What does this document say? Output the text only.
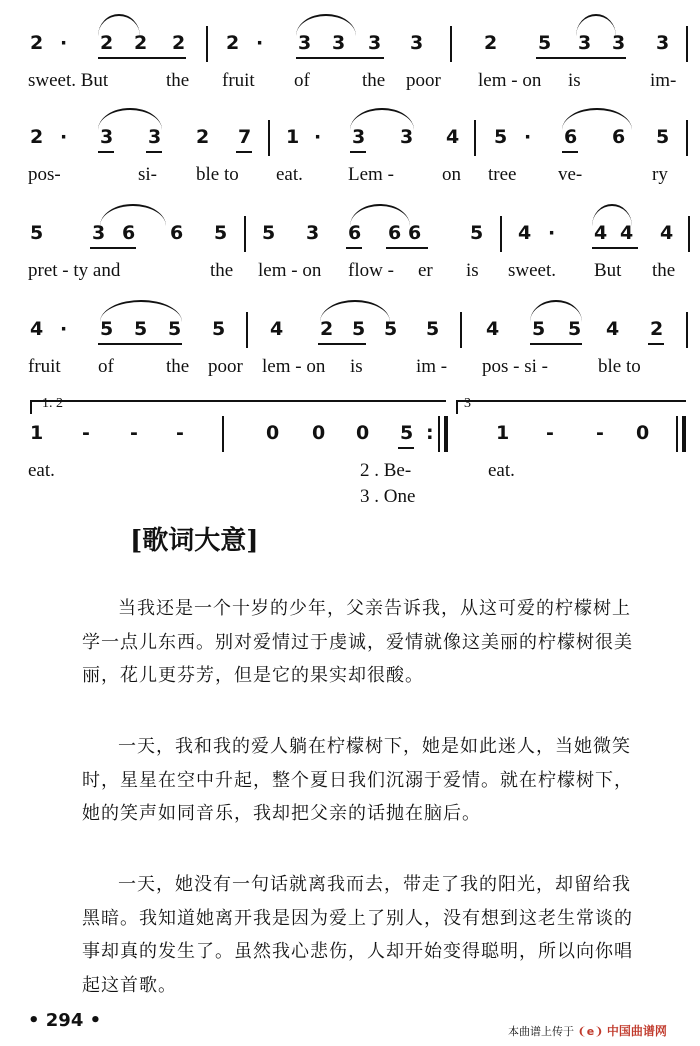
2 · 2 2 2 2 · 3 3 3 3	2 5 3 3 3
sweet. But	the fruit of	the poor lem - on is	im-
2 · 3 3 2 7 1 · 3 3 4 5 · 6 6 5
pos-	si- ble to eat. Lem -	on tree ve-	ry
5	3 6 6 5 5 3 6 6 6	5 4 · 4 4 4
pret - ty and	the lem - on flow - er is sweet. But the
4 · 5 5 5 5 4 2 5 5 5 4 5 5 4 2
fruit of	the poor lem - on is	im - pos - si -	ble to
1. 2	3
1 - - -	0 0 0 5 :	1 - - 0
eat.	2 . Be-	eat.
3 . One
[歌词大意]
当我还是一个十岁的少年，父亲告诉我，从这可爱的柠檬树上学一点儿东西。别对爱情过于虔诚，爱情就像这美丽的柠檬树很美丽，花儿更芬芳，但是它的果实却很酸。
一天，我和我的爱人躺在柠檬树下，她是如此迷人，当她微笑时，星星在空中升起，整个夏日我们沉溺于爱情。就在柠檬树下，她的笑声如同音乐，我却把父亲的话抛在脑后。
一天，她没有一句话就离我而去，带走了我的阳光，却留给我黑暗。我知道她离开我是因为爱上了别人，没有想到这老生常谈的事却真的发生了。虽然我心悲伤，人却开始变得聪明，所以向你唱起这首歌。
• 294 •
本曲谱上传于 ❨⁠e❩ 中国曲谱网
